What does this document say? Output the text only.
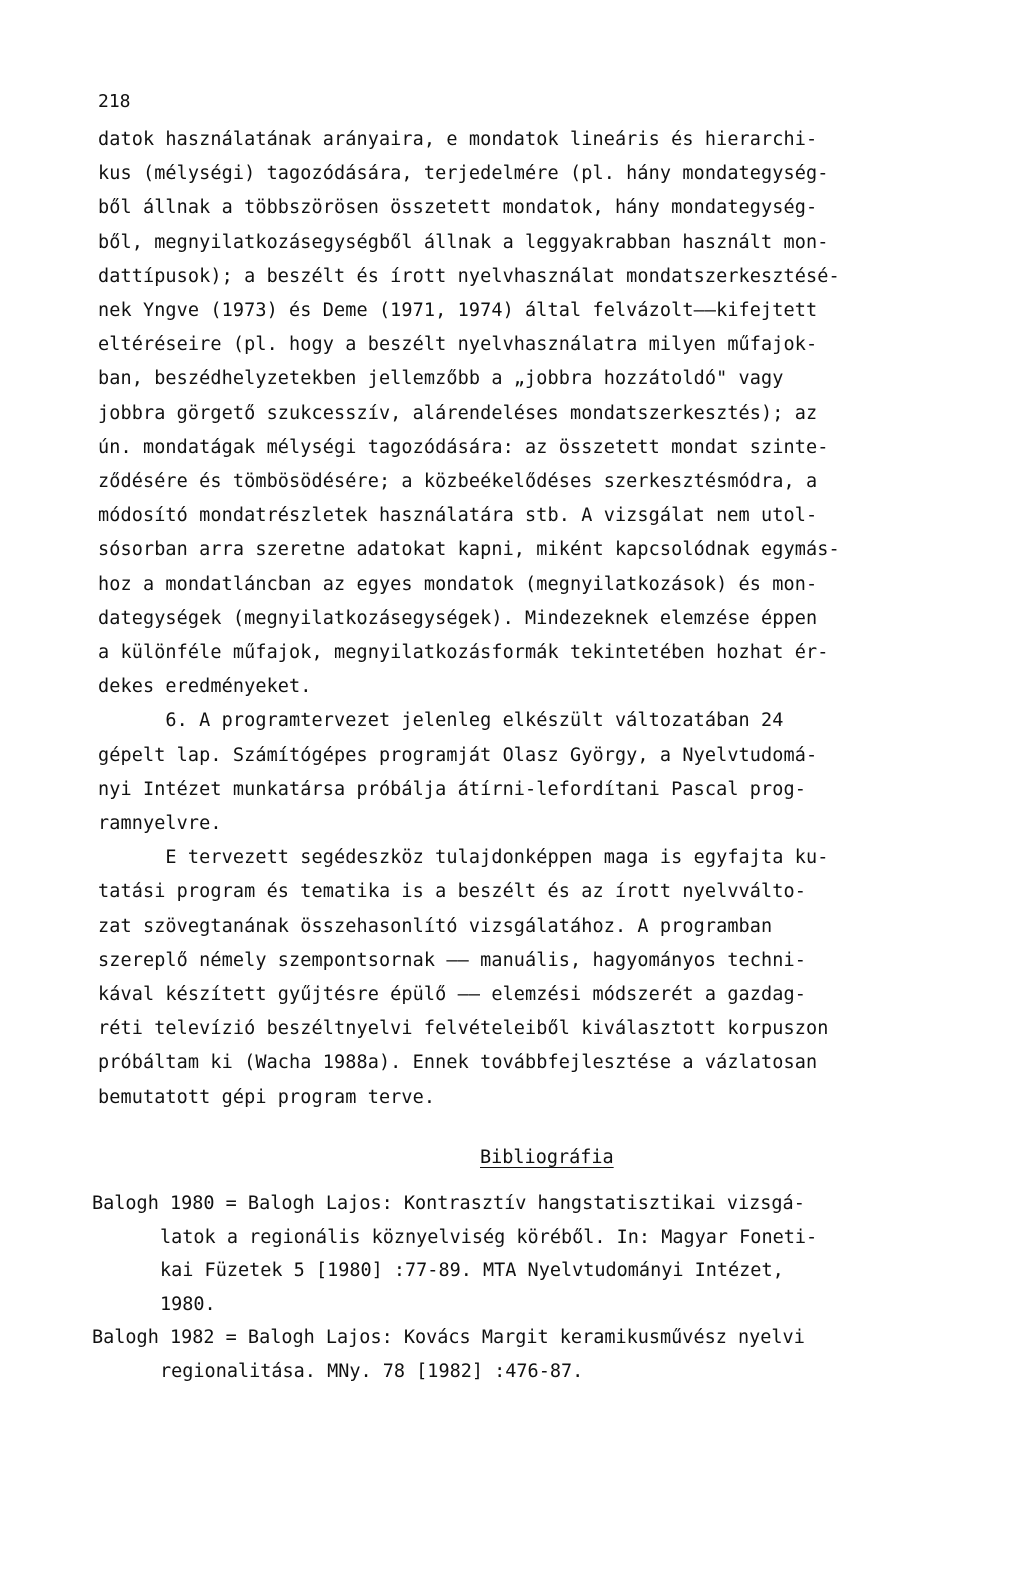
218
datok használatának arányaira, e mondatok lineáris és hierarchi-
kus (mélységi) tagozódására, terjedelmére (pl. hány mondategység-
ből állnak a többszörösen összetett mondatok, hány mondategység-
ből, megnyilatkozásegységből állnak a leggyakrabban használt mon-
dattípusok); a beszélt és írott nyelvhasználat mondatszerkesztésé-
nek Yngve (1973) és Deme (1971, 1974) által felvázolt——kifejtett
eltéréseire (pl. hogy a beszélt nyelvhasználatra milyen műfajok-
ban, beszédhelyzetekben jellemzőbb a „jobbra hozzátoldó" vagy
jobbra görgető szukcesszív, alárendeléses mondatszerkesztés); az
ún. mondatágak mélységi tagozódására: az összetett mondat szinte-
ződésére és tömbösödésére; a közbeékelődéses szerkesztésmódra, a
módosító mondatrészletek használatára stb. A vizsgálat nem utol-
sósorban arra szeretne adatokat kapni, miként kapcsolódnak egymás-
hoz a mondatláncban az egyes mondatok (megnyilatkozások) és mon-
dategységek (megnyilatkozásegységek). Mindezeknek elemzése éppen
a különféle műfajok, megnyilatkozásformák tekintetében hozhat ér-
dekes eredményeket.
6. A programtervezet jelenleg elkészült változatában 24
gépelt lap. Számítógépes programját Olasz György, a Nyelvtudomá-
nyi Intézet munkatársa próbálja átírni-lefordítani Pascal prog-
ramnyelvre.
E tervezett segédeszköz tulajdonképpen maga is egyfajta ku-
tatási program és tematika is a beszélt és az írott nyelvválto-
zat szövegtanának összehasonlító vizsgálatához. A programban
szereplő némely szempontsornak —— manuális, hagyományos techni-
kával készített gyűjtésre épülő —— elemzési módszerét a gazdag-
réti televízió beszéltnyelvi felvételeiből kiválasztott korpuszon
próbáltam ki (Wacha 1988a). Ennek továbbfejlesztése a vázlatosan
bemutatott gépi program terve.
Bibliográfia
Balogh 1980 = Balogh Lajos: Kontrasztív hangstatisztikai vizsgá-
latok a regionális köznyelviség köréből. In: Magyar Foneti-
kai Füzetek 5 [1980] :77-89. MTA Nyelvtudományi Intézet,
1980.
Balogh 1982 = Balogh Lajos: Kovács Margit keramikusművész nyelvi
regionalitása. MNy. 78 [1982] :476-87.
